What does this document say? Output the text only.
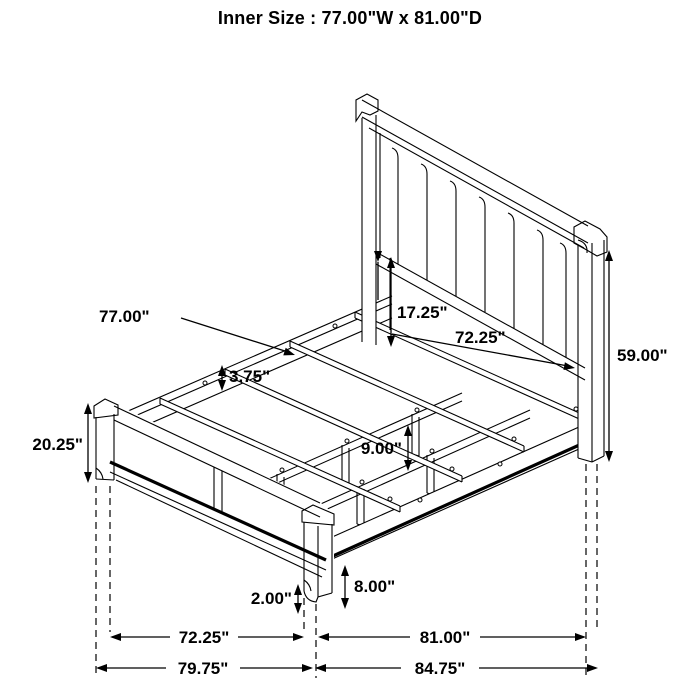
Inner Size : 77.00"W x 81.00"D
77.00"
3.75"
17.25"
72.25"
59.00"
20.25"	9.00"
2.00"
8.00"
72.25"	81.00"
79.75"	84.75"
